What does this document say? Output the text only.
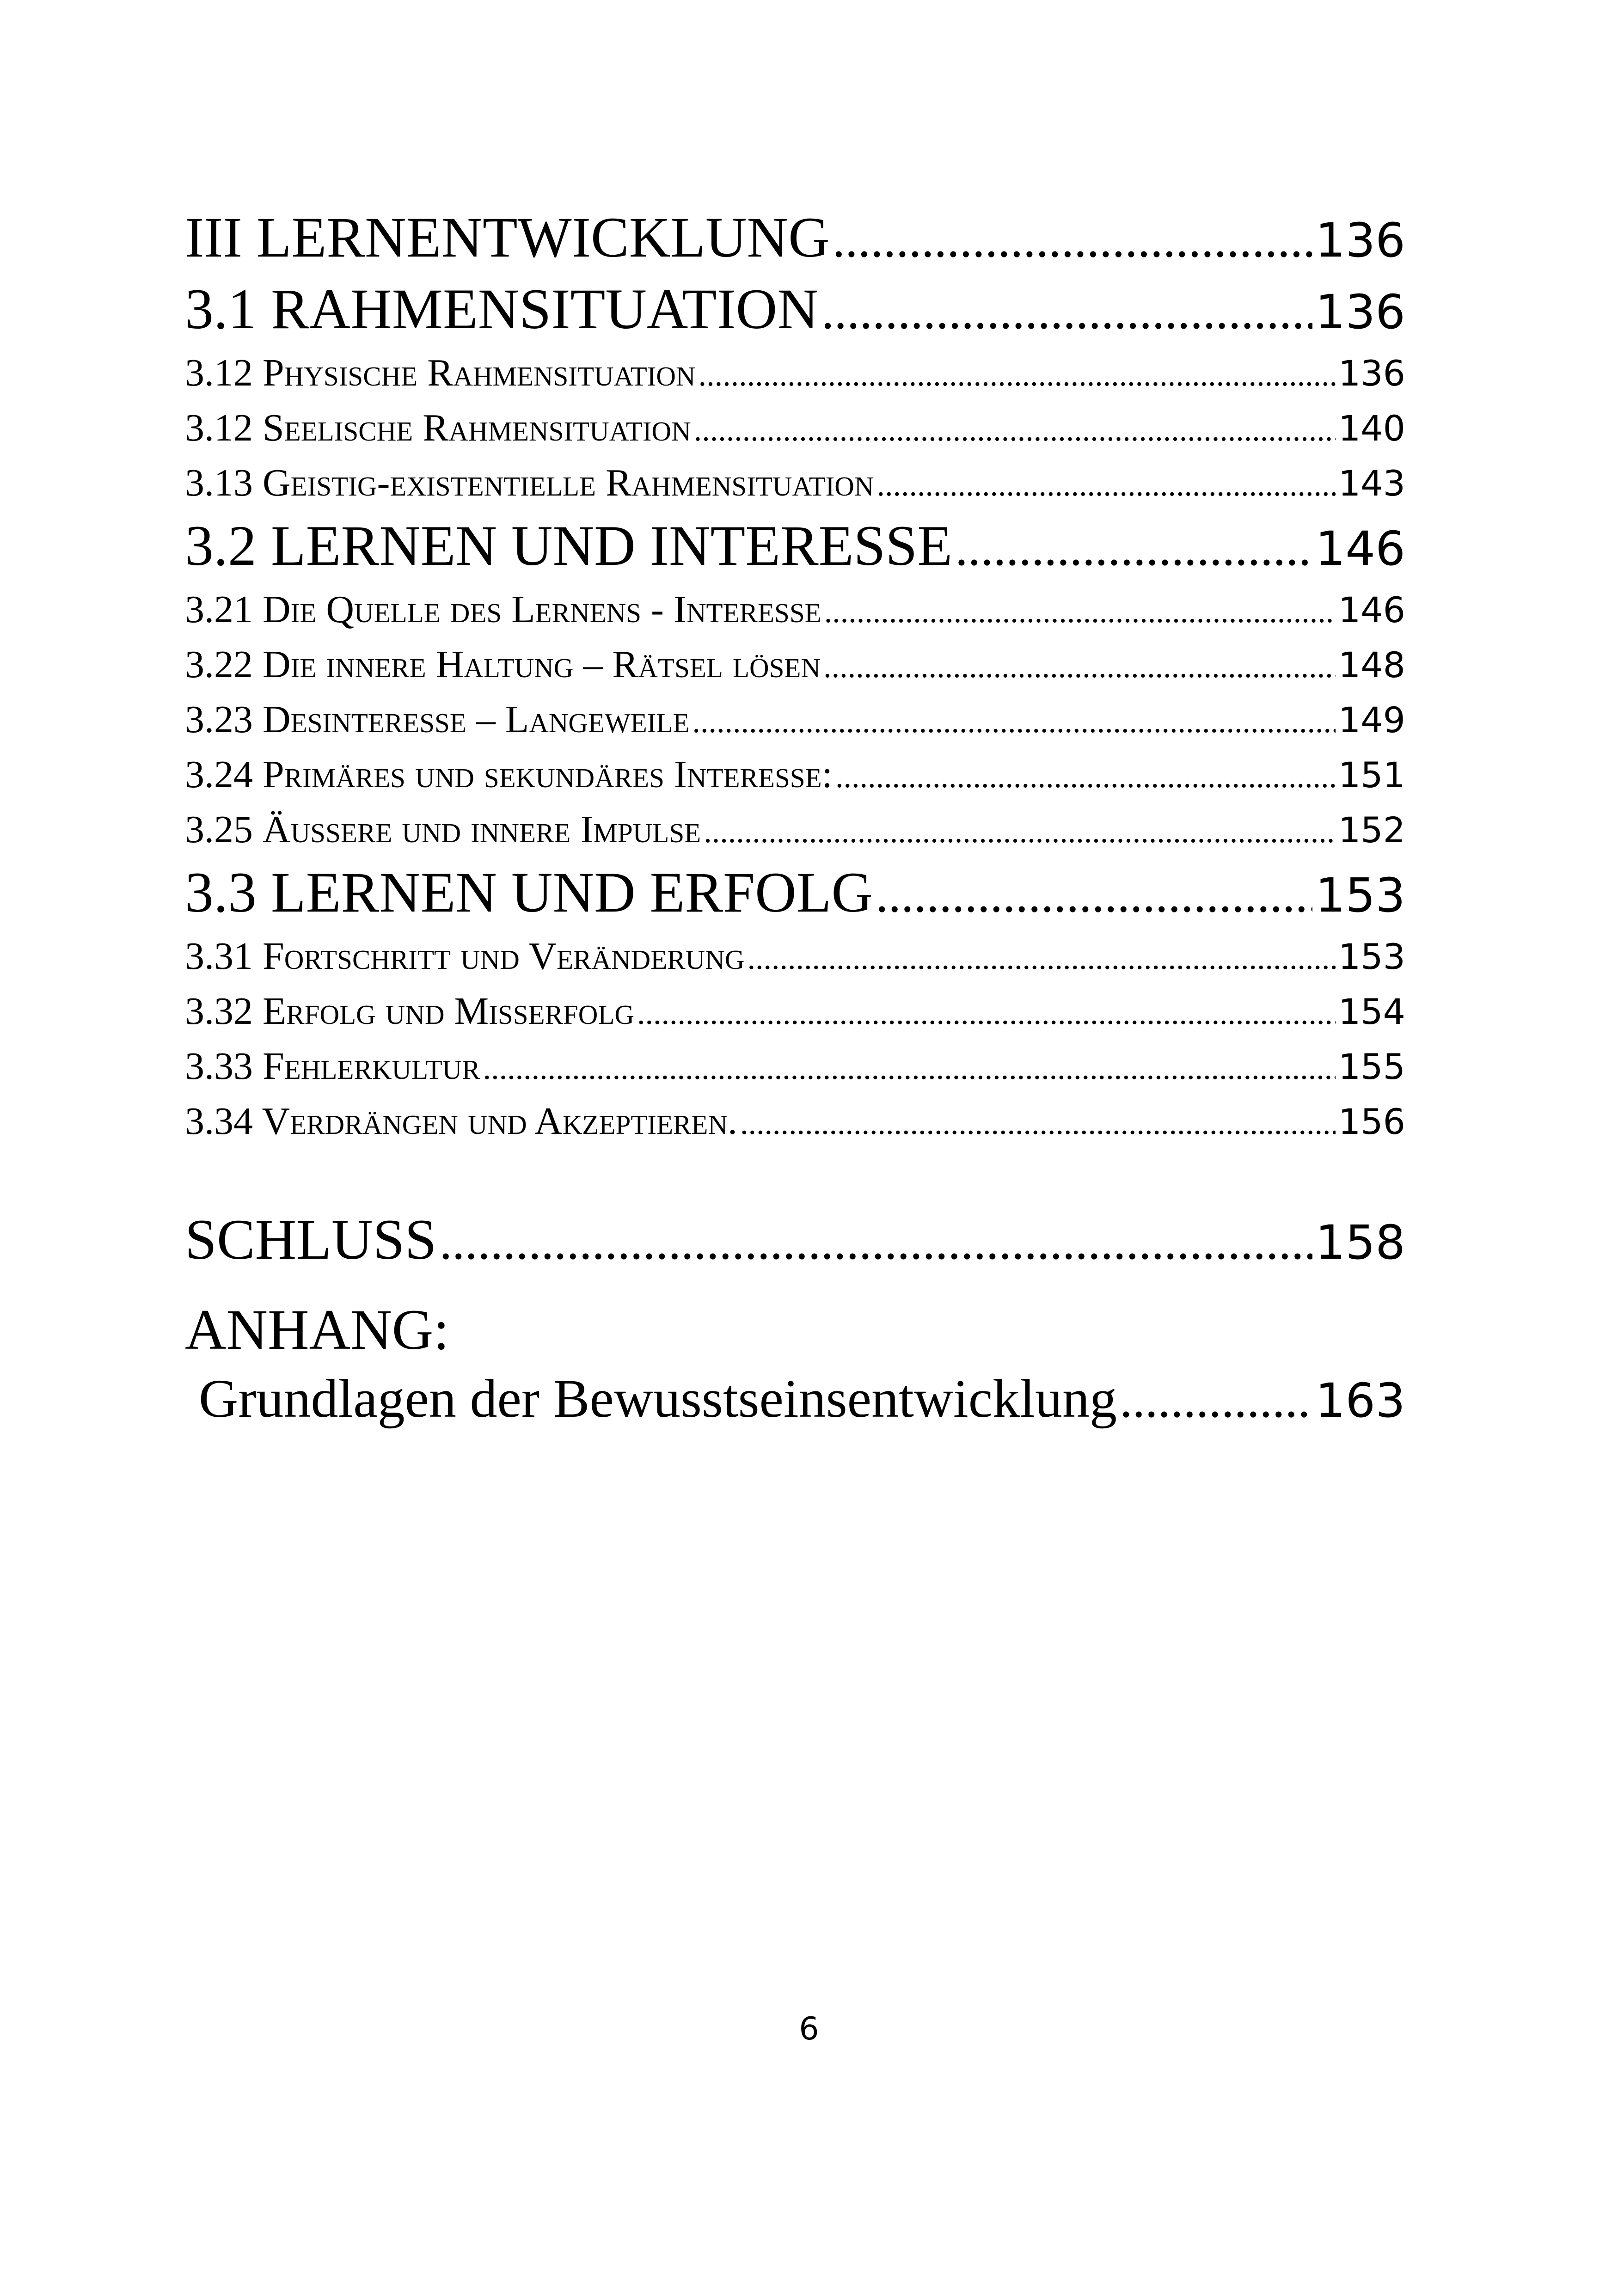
III LERNENTWICKLUNG .....	136
3.1 RAHMENSITUATION .....	136
3.12 Physische Rahmensituation .....	136
3.12 Seelische Rahmensituation .....	140
3.13 Geistig-existentielle Rahmensituation .....	143
3.2 LERNEN UND INTERESSE .....	146
3.21 Die Quelle des Lernens - Interesse .....	146
3.22 Die innere Haltung – Rätsel lösen .....	148
3.23 Desinteresse – Langeweile .....	149
3.24 Primäres und sekundäres Interesse: .....	151
3.25 Äussere und innere Impulse .....	152
3.3 LERNEN UND ERFOLG .....	153
3.31 Fortschritt und Veränderung .....	153
3.32 Erfolg und Misserfolg .....	154
3.33 Fehlerkultur .....	155
3.34 Verdrängen und Akzeptieren. .....	156
SCHLUSS .....	158
ANHANG:
Grundlagen der Bewusstseinsentwicklung .....	163
6
